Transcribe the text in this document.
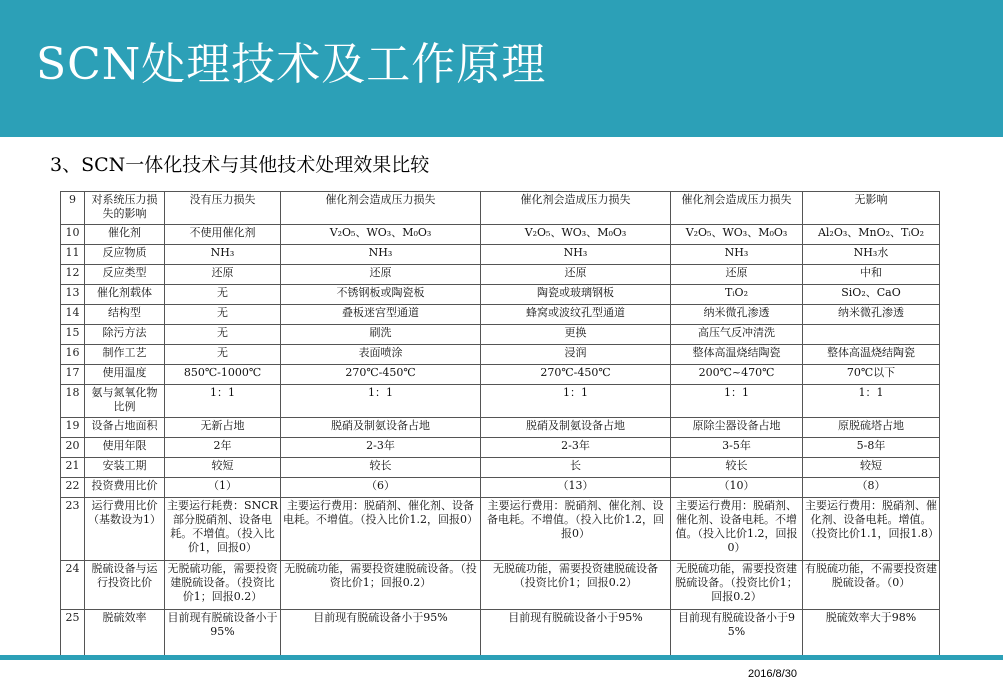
SCN处理技术及工作原理
3、SCN一体化技术与其他技术处理效果比较
9	对系统压力损失的影响	没有压力损失	催化剂会造成压力损失	催化剂会造成压力损失	催化剂会造成压力损失	无影响
10	催化剂	不使用催化剂	V₂O₅、WO₃、M₀O₃	V₂O₅、WO₃、M₀O₃	V₂O₅、WO₃、M₀O₃	Al₂O₃、MnO₂、TᵢO₂
11	反应物质	NH₃	NH₃	NH₃	NH₃	NH₃水
12	反应类型	还原	还原	还原	还原	中和
13	催化剂载体	无	不锈钢板或陶瓷板	陶瓷或玻璃钢板	TᵢO₂	SiO₂、CaO
14	结构型	无	叠板迷宫型通道	蜂窝或波纹孔型通道	纳米微孔渗透	纳米微孔渗透
15	除污方法	无	刷洗	更换	高压气反冲清洗	
16	制作工艺	无	表面喷涂	浸润	整体高温烧结陶瓷	整体高温烧结陶瓷
17	使用温度	850℃-1000℃	270℃-450℃	270℃-450℃	200℃~470℃	70℃以下
18	氨与氮氧化物比例	1：1	1：1	1：1	1：1	1：1
19	设备占地面积	无新占地	脱硝及制氨设备占地	脱硝及制氨设备占地	原除尘器设备占地	原脱硫塔占地
20	使用年限	2年	2-3年	2-3年	3-5年	5-8年
21	安装工期	较短	较长	长	较长	较短
22	投资费用比价	（1）	（6）	（13）	（10）	（8）
23	运行费用比价（基数设为1）	主要运行耗费：SNCR部分脱硝剂、设备电耗。不增值。（投入比价1，回报0）	主要运行费用：脱硝剂、催化剂、设备电耗。不增值。（投入比价1.2，回报0）	主要运行费用：脱硝剂、催化剂、设备电耗。不增值。（投入比价1.2，回报0）	主要运行费用：脱硝剂、催化剂、设备电耗。不增值。（投入比价1.2，回报0）	主要运行费用：脱硝剂、催化剂、设备电耗。增值。（投资比价1.1，回报1.8）
24	脱硫设备与运行投资比价	无脱硫功能，需要投资建脱硫设备。（投资比价1；回报0.2）	无脱硫功能，需要投资建脱硫设备。（投资比价1；回报0.2）	无脱硫功能，需要投资建脱硫设备（投资比价1；回报0.2）	无脱硫功能，需要投资建脱硫设备。（投资比价1；回报0.2）	有脱硫功能，不需要投资建脱硫设备。（0）
25	脱硫效率	目前现有脱硫设备小于95%	目前现有脱硫设备小于95%	目前现有脱硫设备小于95%	目前现有脱硫设备小于95%	脱硫效率大于98%
2016/8/30
